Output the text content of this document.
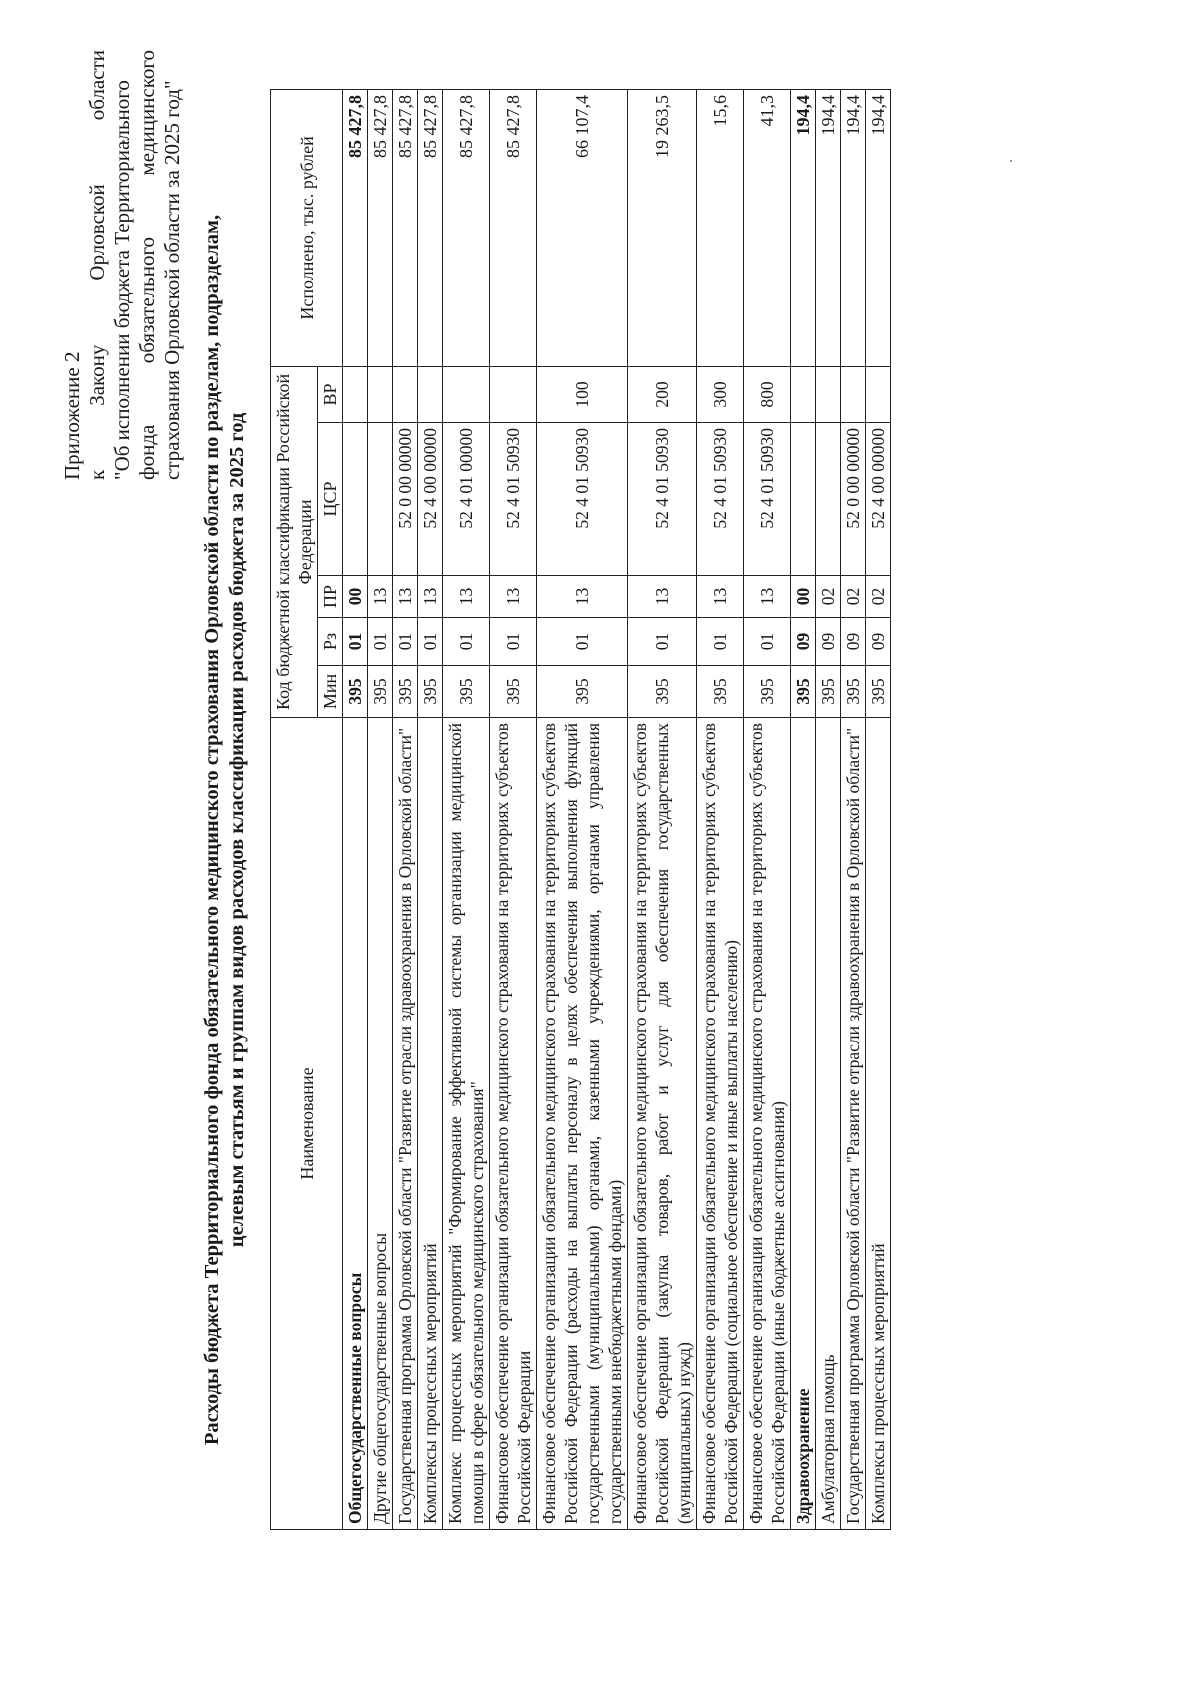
Приложение 2 к
Закону
Орловской
области "Об исполнении бюджета Территориального фонда
обязательного
медицинского страхования Орловской области за 2025 год" Расходы бюджета Территориального фонда обязательного медицинского страхования Орловской области по разделам, подразделам, целевым статьям и группам видов расходов классификации расходов бюджета за 2025 год	Наименование	Код бюджетной классификации Российской Федерации					Исполнено, тыс. рублей
	Мин	Рз	ПР	ЦСР	ВР	
Общегосударственные вопросы	395	01	00			85 427,8
Другие общегосударственные вопросы	395	01	13			85 427,8
Государственная программа Орловской области "Развитие отрасли здравоохранения в Орловской области"	395	01	13	52 0 00 00000		85 427,8
Комплексы процессных мероприятий	395	01	13	52 4 00 00000		85 427,8
Комплекс процессных мероприятий "Формирование эффективной системы организации медицинской помощи в сфере обязательного медицинского страхования"	395	01	13	52 4 01 00000		85 427,8
Финансовое обеспечение организации обязательного медицинского страхования на территориях субъектов Российской Федерации	395	01	13	52 4 01 50930		85 427,8
Финансовое обеспечение организации обязательного медицинского страхования на территориях субъектов Российской Федерации (расходы на выплаты персоналу в целях обеспечения выполнения функций государственными (муниципальными) органами, казенными учреждениями, органами управления государственными внебюджетными фондами)	395	01	13	52 4 01 50930	100	66 107,4
Финансовое обеспечение организации обязательного медицинского страхования на территориях субъектов Российской Федерации (закупка товаров, работ и услуг для обеспечения государственных (муниципальных) нужд)	395	01	13	52 4 01 50930	200	19 263,5
Финансовое обеспечение организации обязательного медицинского страхования на территориях субъектов Российской Федерации (социальное обеспечение и иные выплаты населению)	395	01	13	52 4 01 50930	300	15,6
Финансовое обеспечение организации обязательного медицинского страхования на территориях субъектов Российской Федерации (иные бюджетные ассигнования)	395	01	13	52 4 01 50930	800	41,3
Здравоохранение	395	09	00			194,4
Амбулаторная помощь	395	09	02			194,4
Государственная программа Орловской области "Развитие отрасли здравоохранения в Орловской области"	395	09	02	52 0 00 00000		194,4
Комплексы процессных мероприятий	395	09	02	52 4 00 00000		194,4
